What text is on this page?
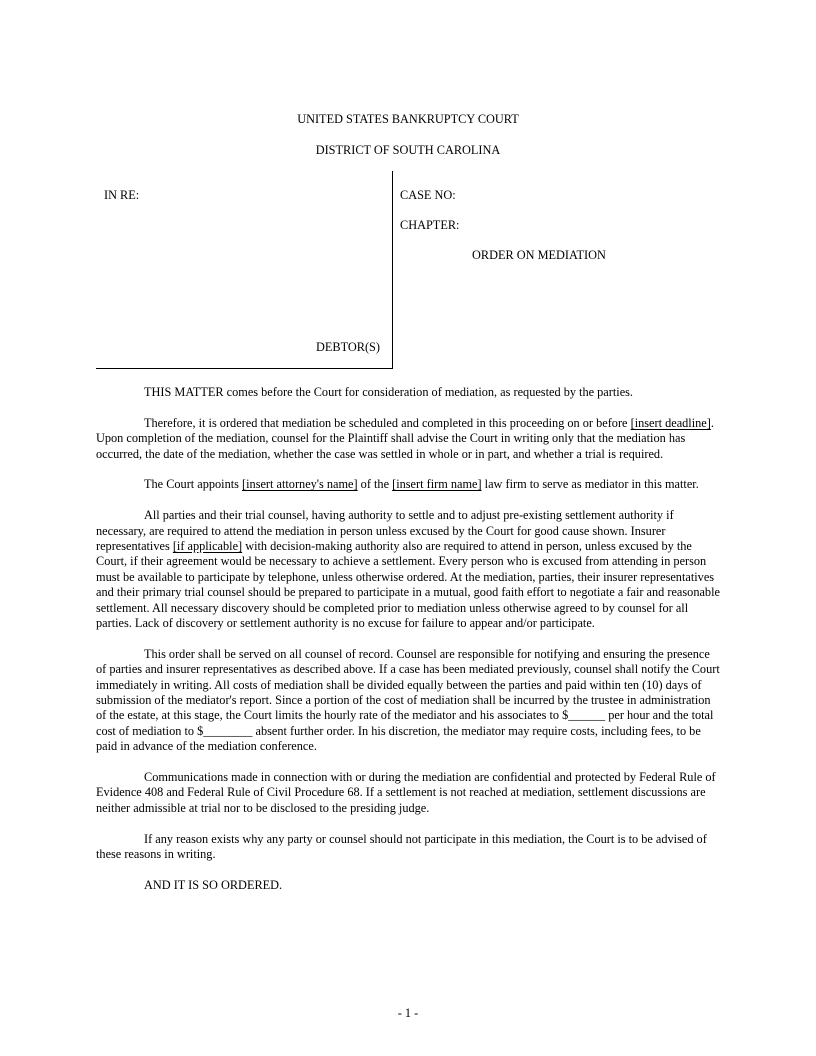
UNITED STATES BANKRUPTCY COURT
DISTRICT OF SOUTH CAROLINA
IN RE:	CASE NO:
CHAPTER:
ORDER ON MEDIATION
DEBTOR(S)

THIS MATTER comes before the Court for consideration of mediation, as requested by the parties.

Therefore, it is ordered that mediation be scheduled and completed in this proceeding on or before [insert deadline]. Upon completion of the mediation, counsel for the Plaintiff shall advise the Court in writing only that the mediation has occurred, the date of the mediation, whether the case was settled in whole or in part, and whether a trial is required.

The Court appoints [insert attorney's name] of the [insert firm name] law firm to serve as mediator in this matter.

All parties and their trial counsel, having authority to settle and to adjust pre-existing settlement authority if necessary, are required to attend the mediation in person unless excused by the Court for good cause shown. Insurer representatives [if applicable] with decision-making authority also are required to attend in person, unless excused by the Court, if their agreement would be necessary to achieve a settlement. Every person who is excused from attending in person must be available to participate by telephone, unless otherwise ordered. At the mediation, parties, their insurer representatives and their primary trial counsel should be prepared to participate in a mutual, good faith effort to negotiate a fair and reasonable settlement. All necessary discovery should be completed prior to mediation unless otherwise agreed to by counsel for all parties. Lack of discovery or settlement authority is no excuse for failure to appear and/or participate.

This order shall be served on all counsel of record. Counsel are responsible for notifying and ensuring the presence of parties and insurer representatives as described above. If a case has been mediated previously, counsel shall notify the Court immediately in writing. All costs of mediation shall be divided equally between the parties and paid within ten (10) days of submission of the mediator's report. Since a portion of the cost of mediation shall be incurred by the trustee in administration of the estate, at this stage, the Court limits the hourly rate of the mediator and his associates to $______ per hour and the total cost of mediation to $________ absent further order. In his discretion, the mediator may require costs, including fees, to be paid in advance of the mediation conference.

Communications made in connection with or during the mediation are confidential and protected by Federal Rule of Evidence 408 and Federal Rule of Civil Procedure 68. If a settlement is not reached at mediation, settlement discussions are neither admissible at trial nor to be disclosed to the presiding judge.

If any reason exists why any party or counsel should not participate in this mediation, the Court is to be advised of these reasons in writing.

AND IT IS SO ORDERED.

- 1 -
